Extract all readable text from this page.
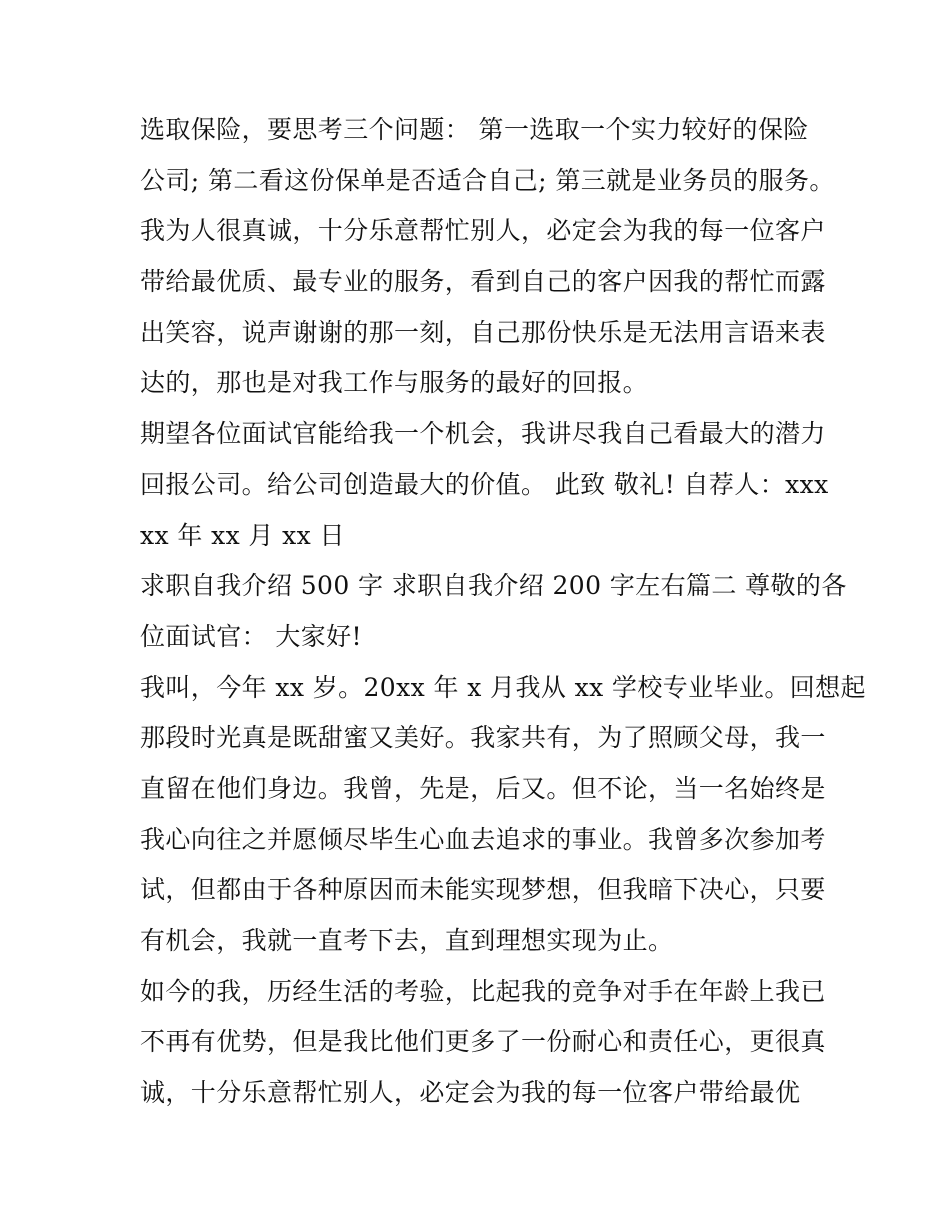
选取保险，要思考三个问题： 第一选取一个实力较好的保险
公司; 第二看这份保单是否适合自己; 第三就是业务员的服务。
我为人很真诚，十分乐意帮忙别人，必定会为我的每一位客户
带给最优质、最专业的服务，看到自己的客户因我的帮忙而露
出笑容，说声谢谢的那一刻，自己那份快乐是无法用言语来表
达的，那也是对我工作与服务的最好的回报。
期望各位面试官能给我一个机会，我讲尽我自己看最大的潜力
回报公司。给公司创造最大的价值。 此致 敬礼! 自荐人：xxx
xx 年 xx 月 xx 日
求职自我介绍 500 字 求职自我介绍 200 字左右篇二 尊敬的各
位面试官： 大家好!
我叫，今年 xx 岁。20xx 年 x 月我从 xx 学校专业毕业。回想起
那段时光真是既甜蜜又美好。我家共有，为了照顾父母，我一
直留在他们身边。我曾，先是，后又。但不论，当一名始终是
我心向往之并愿倾尽毕生心血去追求的事业。我曾多次参加考
试，但都由于各种原因而未能实现梦想，但我暗下决心，只要
有机会，我就一直考下去，直到理想实现为止。
如今的我，历经生活的考验，比起我的竞争对手在年龄上我已
不再有优势，但是我比他们更多了一份耐心和责任心，更很真
诚，十分乐意帮忙别人，必定会为我的每一位客户带给最优
